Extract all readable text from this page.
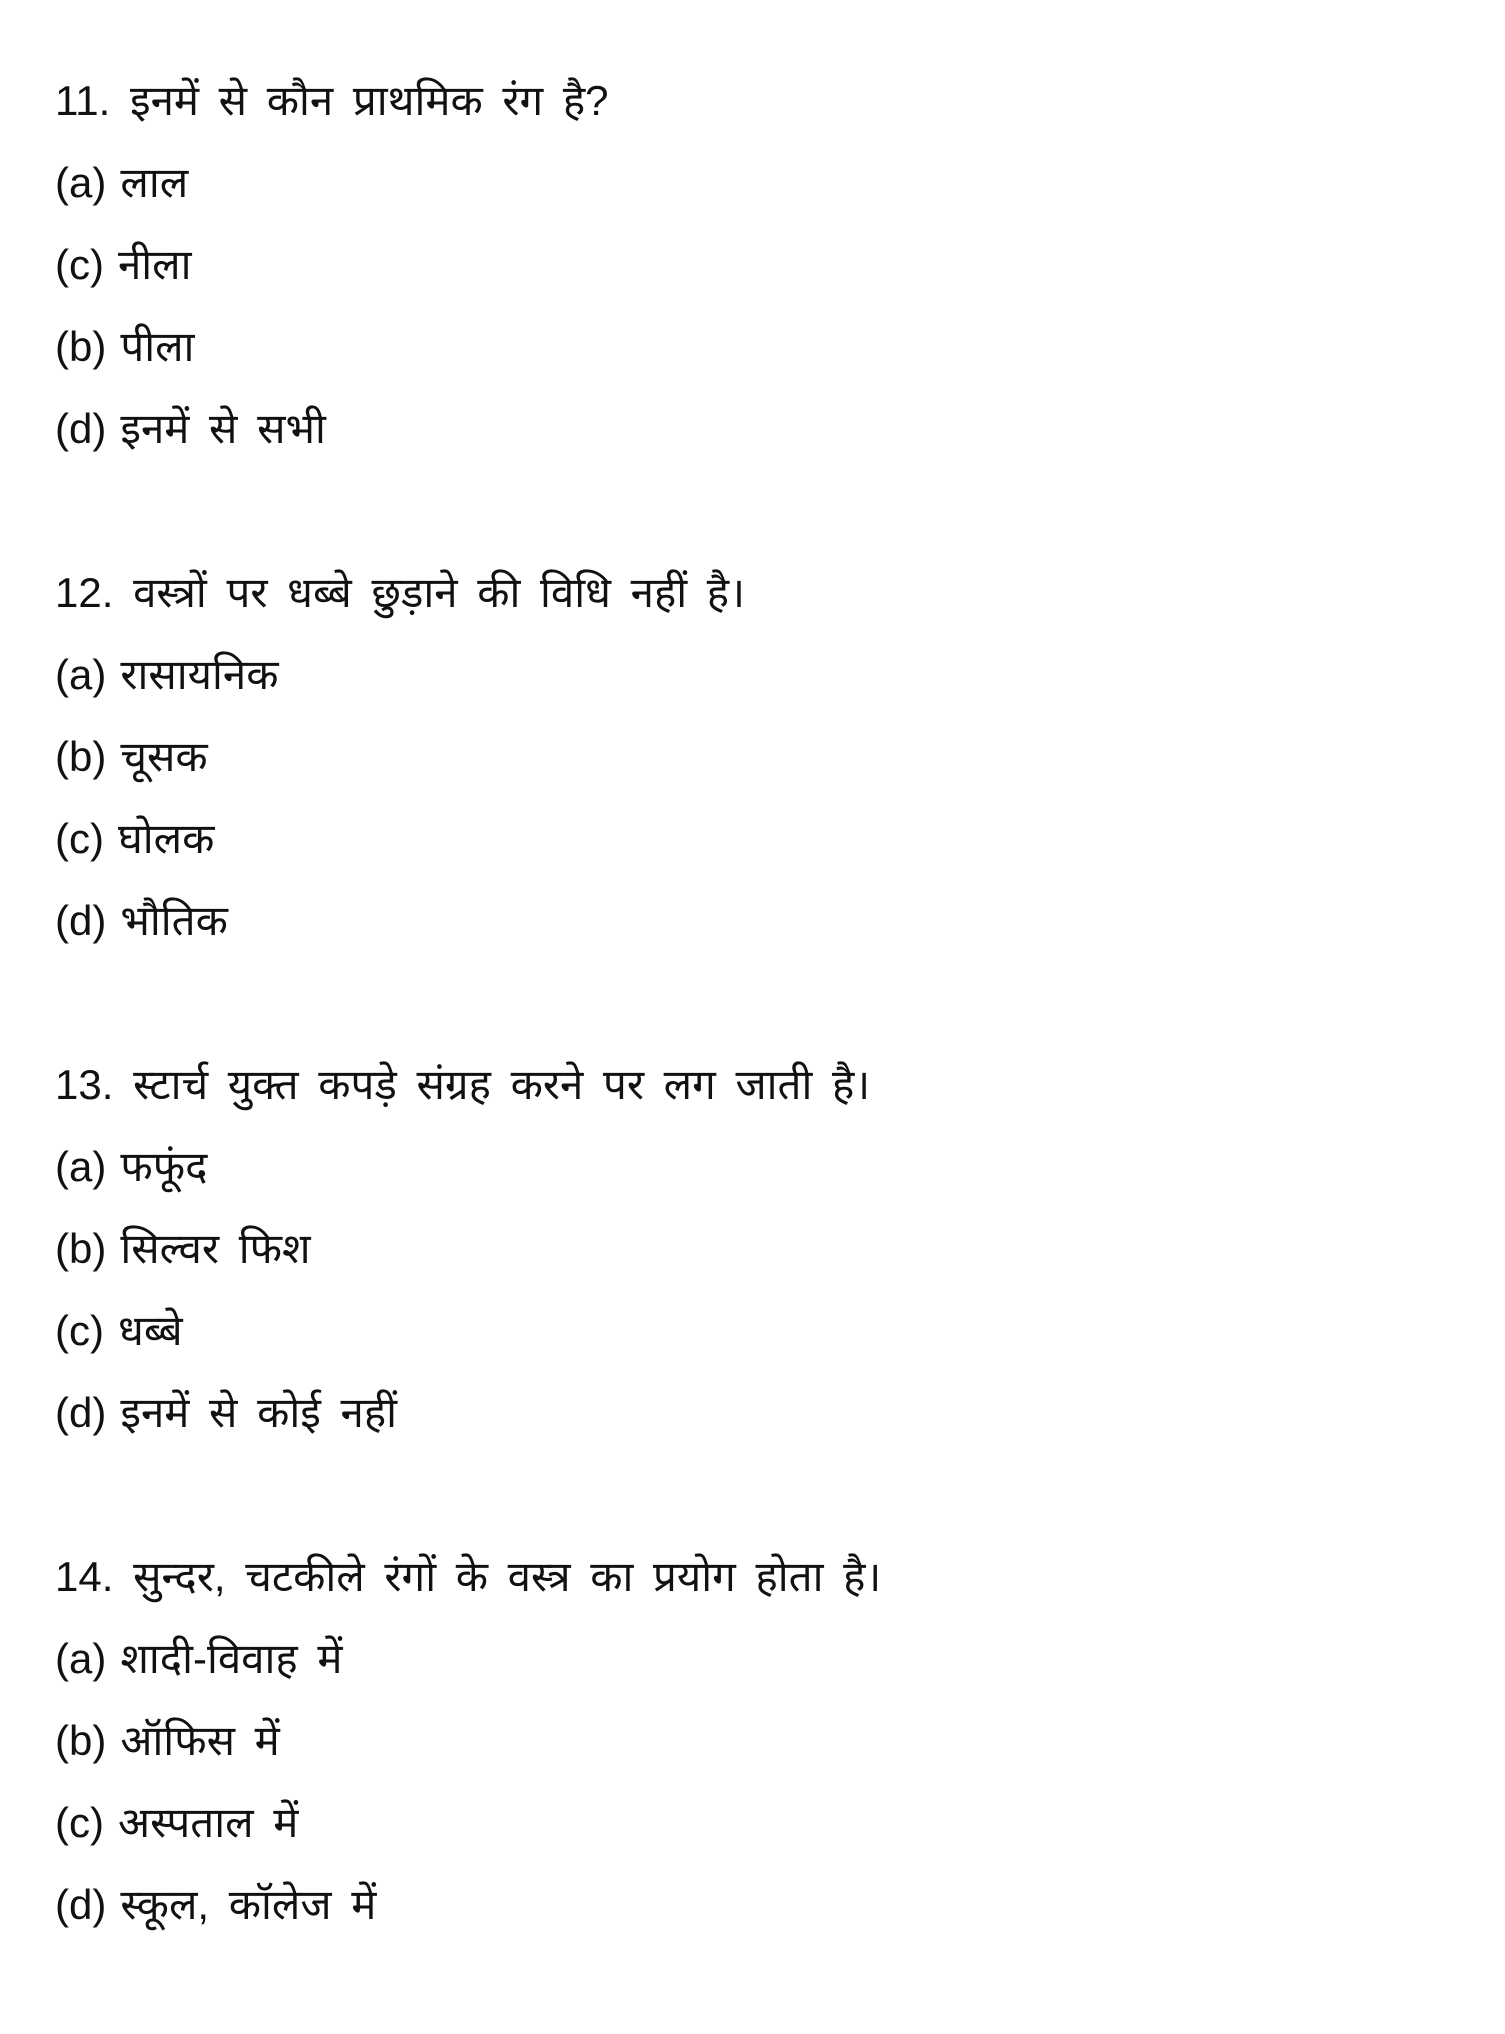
11. इनमें से कौन प्राथमिक रंग है?
(a) लाल
(c) नीला
(b) पीला
(d) इनमें से सभी
12. वस्त्रों पर धब्बे छुड़ाने की विधि नहीं है।
(a) रासायनिक
(b) चूसक
(c) घोलक
(d) भौतिक
13. स्टार्च युक्त कपड़े संग्रह करने पर लग जाती है।
(a) फफूंद
(b) सिल्वर फिश
(c) धब्बे
(d) इनमें से कोई नहीं
14. सुन्दर, चटकीले रंगों के वस्त्र का प्रयोग होता है।
(a) शादी-विवाह में
(b) ऑफिस में
(c) अस्पताल में
(d) स्कूल, कॉलेज में
